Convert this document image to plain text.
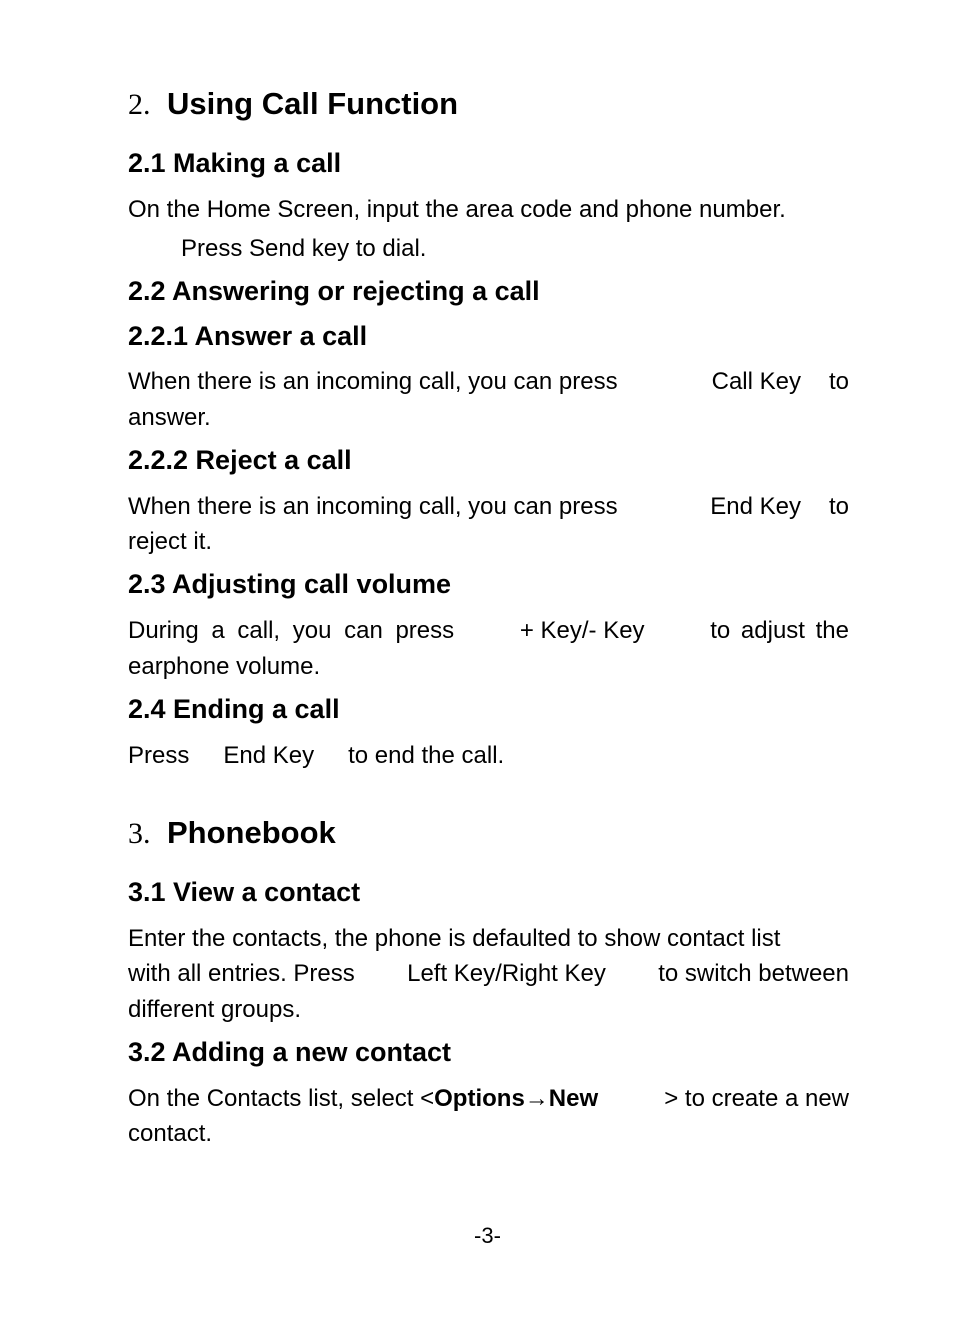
2. Using Call Function
2.1 Making a call
On the Home Screen, input the area code and phone number.
Press Send key to dial.
2.2 Answering or rejecting a call
2.2.1 Answer a call
When there is an incoming call, you can press	Call Key to
answer.
2.2.2 Reject a call
When there is an incoming call, you can press	End Key to
reject it.
2.3 Adjusting call volume
During a call, you can press	+ Key/- Key	to adjust the
earphone volume.
2.4 Ending a call
Press End Key to end the call.
3. Phonebook
3.1 View a contact
Enter the contacts, the phone is defaulted to show contact list
with all entries. Press Left Key/Right Key to switch between
different groups.
3.2 Adding a new contact
On the Contacts list, select <Options→New	> to create a new
contact.
-3-
